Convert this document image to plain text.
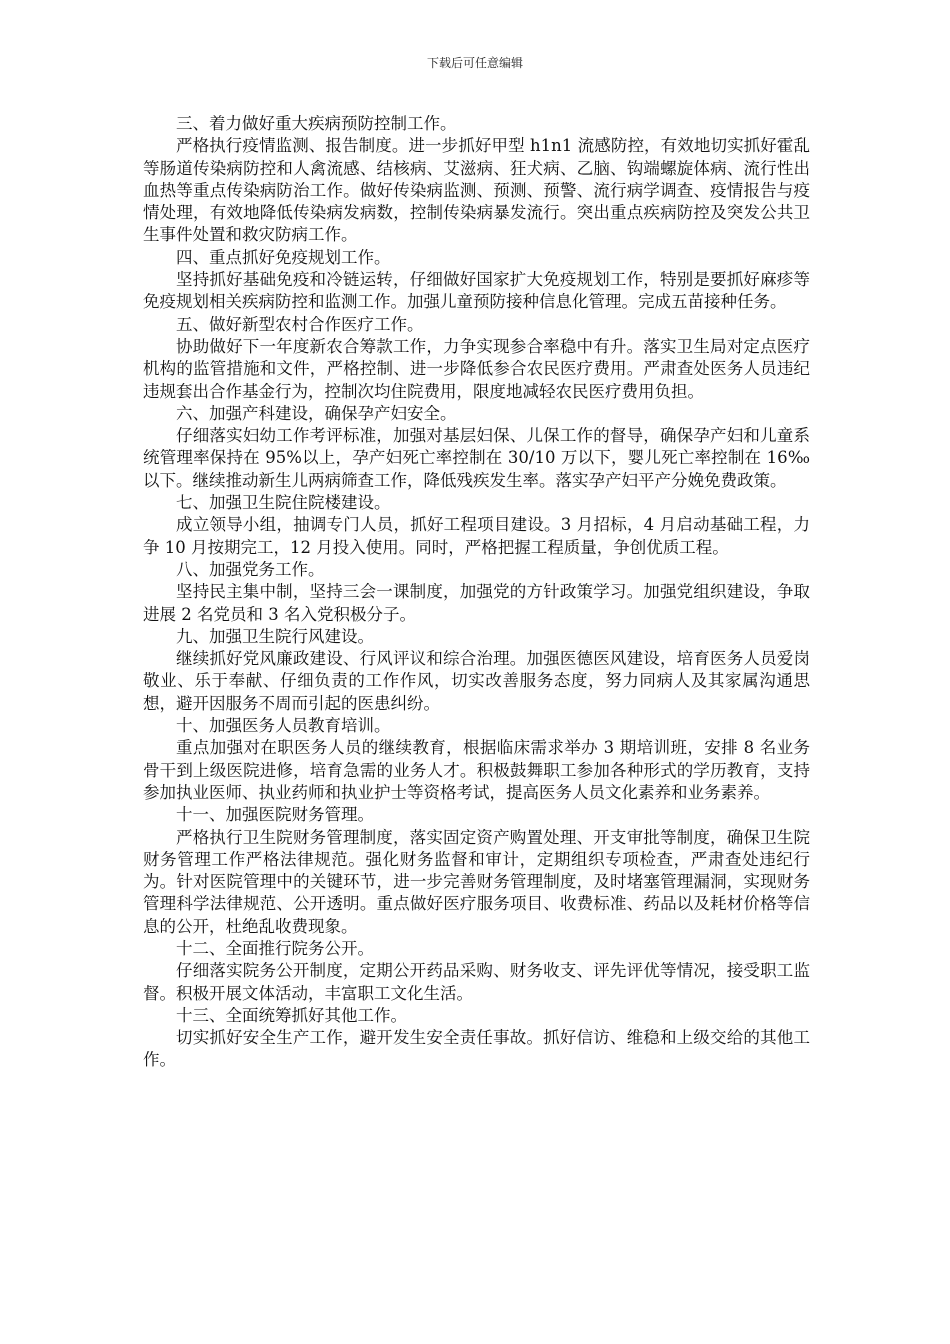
下载后可任意编辑

三、着力做好重大疾病预防控制工作。

严格执行疫情监测、报告制度。进一步抓好甲型 h1n1 流感防控，有效地切实抓好霍乱等肠道传染病防控和人禽流感、结核病、艾滋病、狂犬病、乙脑、钩端螺旋体病、流行性出血热等重点传染病防治工作。做好传染病监测、预测、预警、流行病学调查、疫情报告与疫情处理，有效地降低传染病发病数，控制传染病暴发流行。突出重点疾病防控及突发公共卫生事件处置和救灾防病工作。

四、重点抓好免疫规划工作。

坚持抓好基础免疫和冷链运转，仔细做好国家扩大免疫规划工作，特别是要抓好麻疹等免疫规划相关疾病防控和监测工作。加强儿童预防接种信息化管理。完成五苗接种任务。

五、做好新型农村合作医疗工作。

协助做好下一年度新农合筹款工作，力争实现参合率稳中有升。落实卫生局对定点医疗机构的监管措施和文件，严格控制、进一步降低参合农民医疗费用。严肃查处医务人员违纪违规套出合作基金行为，控制次均住院费用，限度地减轻农民医疗费用负担。

六、加强产科建设，确保孕产妇安全。

仔细落实妇幼工作考评标准，加强对基层妇保、儿保工作的督导，确保孕产妇和儿童系统管理率保持在 95%以上，孕产妇死亡率控制在 30/10 万以下，婴儿死亡率控制在 16‰以下。继续推动新生儿两病筛查工作，降低残疾发生率。落实孕产妇平产分娩免费政策。

七、加强卫生院住院楼建设。

成立领导小组，抽调专门人员，抓好工程项目建设。3 月招标，4 月启动基础工程，力争 10 月按期完工，12 月投入使用。同时，严格把握工程质量，争创优质工程。

八、加强党务工作。

坚持民主集中制，坚持三会一课制度，加强党的方针政策学习。加强党组织建设，争取进展 2 名党员和 3 名入党积极分子。

九、加强卫生院行风建设。

继续抓好党风廉政建设、行风评议和综合治理。加强医德医风建设，培育医务人员爱岗敬业、乐于奉献、仔细负责的工作作风，切实改善服务态度，努力同病人及其家属沟通思想，避开因服务不周而引起的医患纠纷。

十、加强医务人员教育培训。

重点加强对在职医务人员的继续教育，根据临床需求举办 3 期培训班，安排 8 名业务骨干到上级医院进修，培育急需的业务人才。积极鼓舞职工参加各种形式的学历教育，支持参加执业医师、执业药师和执业护士等资格考试，提高医务人员文化素养和业务素养。

十一、加强医院财务管理。

严格执行卫生院财务管理制度，落实固定资产购置处理、开支审批等制度，确保卫生院财务管理工作严格法律规范。强化财务监督和审计，定期组织专项检查，严肃查处违纪行为。针对医院管理中的关键环节，进一步完善财务管理制度，及时堵塞管理漏洞，实现财务管理科学法律规范、公开透明。重点做好医疗服务项目、收费标准、药品以及耗材价格等信息的公开，杜绝乱收费现象。

十二、全面推行院务公开。

仔细落实院务公开制度，定期公开药品采购、财务收支、评先评优等情况，接受职工监督。积极开展文体活动，丰富职工文化生活。

十三、全面统筹抓好其他工作。

切实抓好安全生产工作，避开发生安全责任事故。抓好信访、维稳和上级交给的其他工作。
